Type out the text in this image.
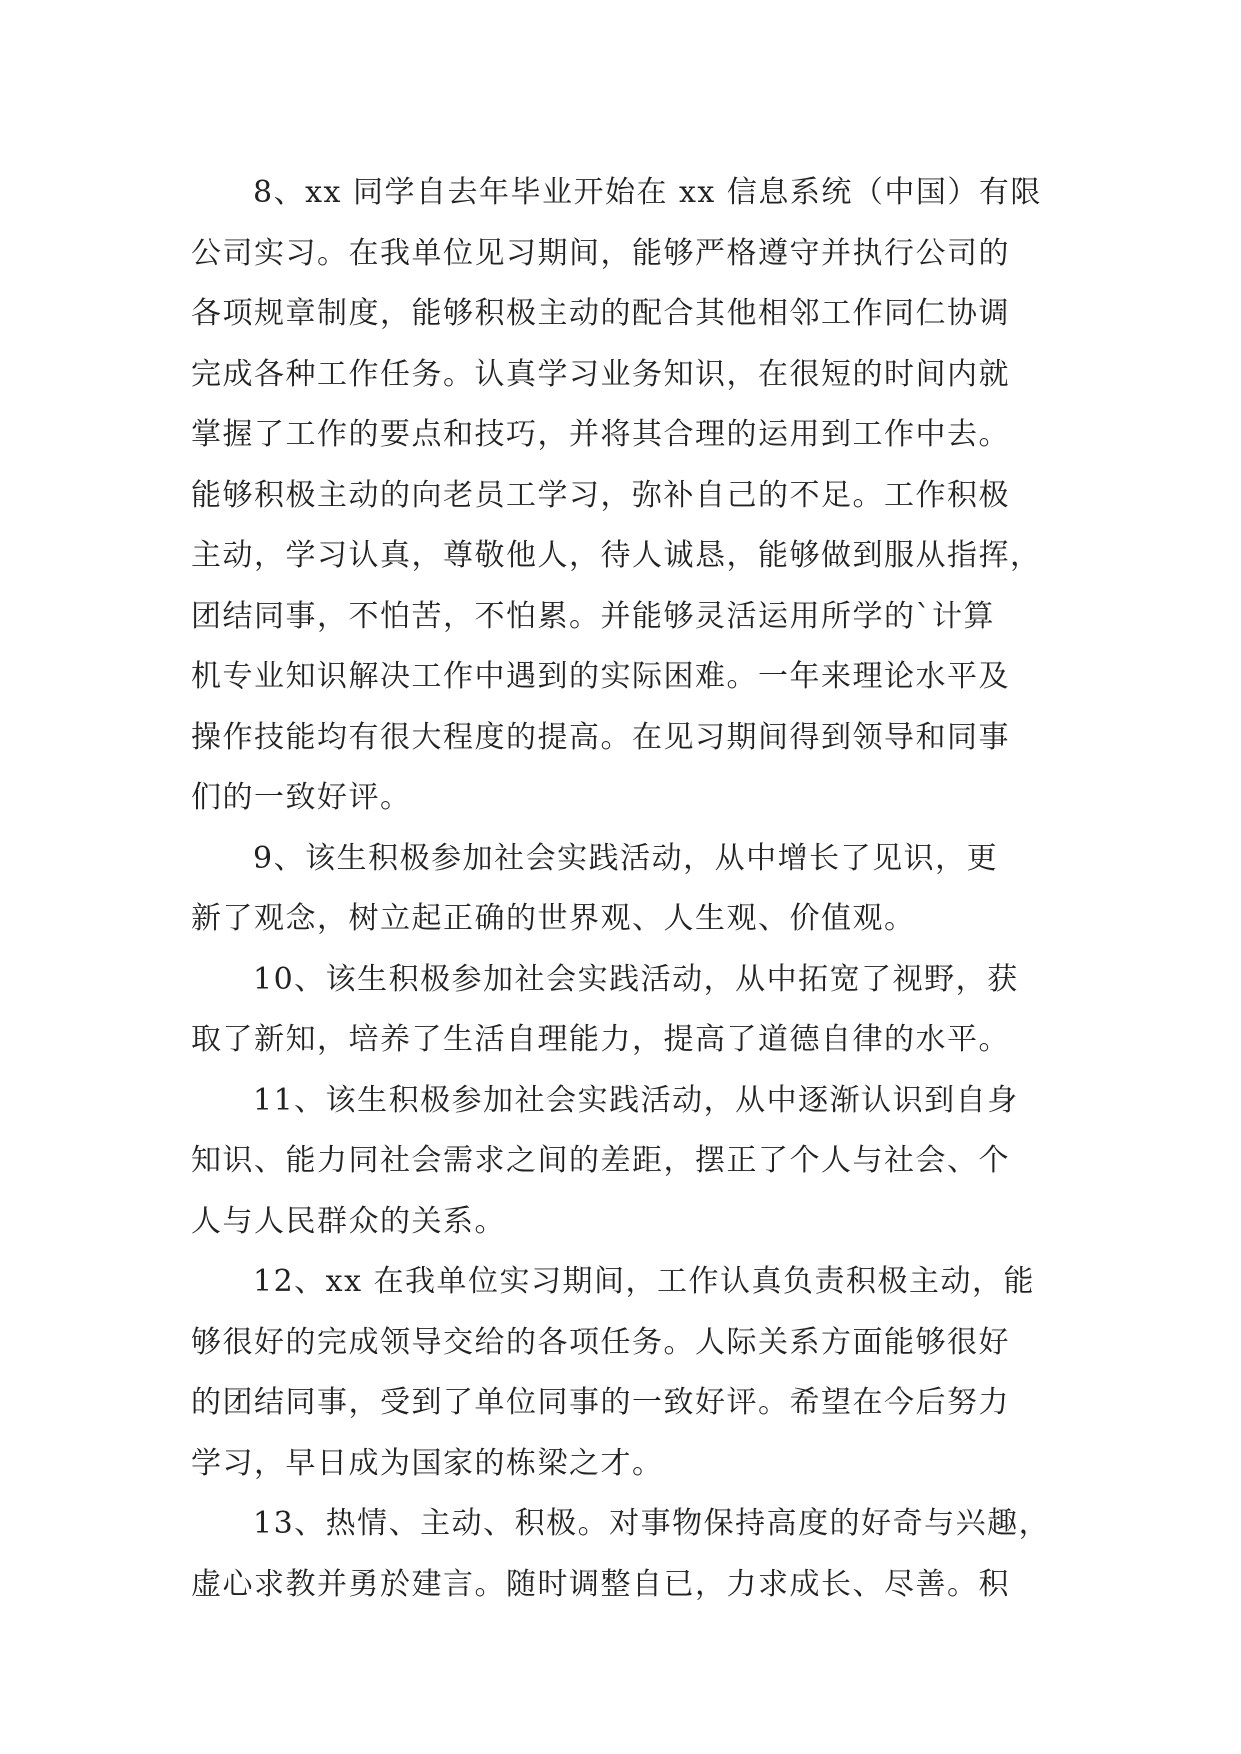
8、xx 同学自去年毕业开始在 xx 信息系统（中国）有限
公司实习。在我单位见习期间，能够严格遵守并执行公司的
各项规章制度，能够积极主动的配合其他相邻工作同仁协调
完成各种工作任务。认真学习业务知识，在很短的时间内就
掌握了工作的要点和技巧，并将其合理的运用到工作中去。
能够积极主动的向老员工学习，弥补自己的不足。工作积极
主动，学习认真，尊敬他人，待人诚恳，能够做到服从指挥，
团结同事，不怕苦，不怕累。并能够灵活运用所学的`计算
机专业知识解决工作中遇到的实际困难。一年来理论水平及
操作技能均有很大程度的提高。在见习期间得到领导和同事
们的一致好评。
9、该生积极参加社会实践活动，从中增长了见识，更
新了观念，树立起正确的世界观、人生观、价值观。
10、该生积极参加社会实践活动，从中拓宽了视野，获
取了新知，培养了生活自理能力，提高了道德自律的水平。
11、该生积极参加社会实践活动，从中逐渐认识到自身
知识、能力同社会需求之间的差距，摆正了个人与社会、个
人与人民群众的关系。
12、xx 在我单位实习期间，工作认真负责积极主动，能
够很好的完成领导交给的各项任务。人际关系方面能够很好
的团结同事，受到了单位同事的一致好评。希望在今后努力
学习，早日成为国家的栋梁之才。
13、热情、主动、积极。对事物保持高度的好奇与兴趣，
虚心求教并勇於建言。随时调整自已，力求成长、尽善。积
